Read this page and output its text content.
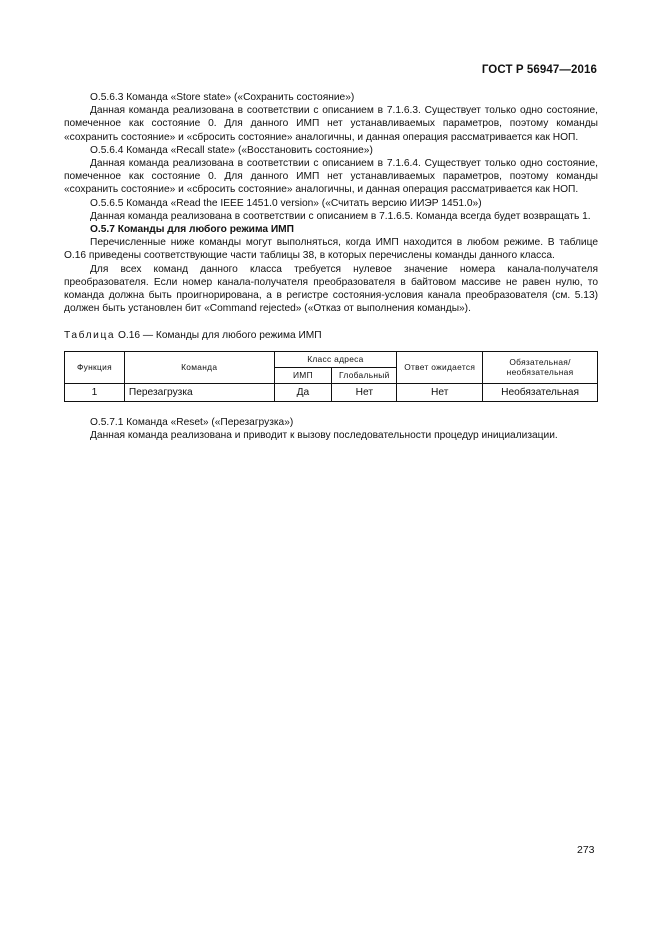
ГОСТ Р 56947—2016

О.5.6.3 Команда «Store state» («Сохранить состояние»)

Данная команда реализована в соответствии с описанием в 7.1.6.3. Существует только одно состояние, помеченное как состояние 0. Для данного ИМП нет устанавливаемых параметров, поэтому команды «сохранить состояние» и «сбросить состояние» аналогичны, и данная операция рассматривается как НОП.

О.5.6.4 Команда «Recall state» («Восстановить состояние»)

Данная команда реализована в соответствии с описанием в 7.1.6.4. Существует только одно состояние, помеченное как состояние 0. Для данного ИМП нет устанавливаемых параметров, поэтому команды «сохранить состояние» и «сбросить состояние» аналогичны, и данная операция рассматривается как НОП.

О.5.6.5 Команда «Read the IEEE 1451.0 version» («Считать версию ИИЭР 1451.0»)

Данная команда реализована в соответствии с описанием в 7.1.6.5. Команда всегда будет возвращать 1.

О.5.7 Команды для любого режима ИМП

Перечисленные ниже команды могут выполняться, когда ИМП находится в любом режиме. В таблице О.16 приведены соответствующие части таблицы 38, в которых перечислены команды данного класса.

Для всех команд данного класса требуется нулевое значение номера канала-получателя преобразователя. Если номер канала-получателя преобразователя в байтовом массиве не равен нулю, то команда должна быть проигнорирована, а в регистре состояния-условия канала преобразователя (см. 5.13) должен быть установлен бит «Command rejected» («Отказ от выполнения команды»).

Таблица О.16 — Команды для любого режима ИМП
Функция	Команда	Класс адреса		Ответ ожидается	Обязательная/ необязательная
		ИМП	Глобальный		
1	Перезагрузка	Да	Нет	Нет	Необязательная

О.5.7.1 Команда «Reset» («Перезагрузка»)

Данная команда реализована и приводит к вызову последовательности процедур инициализации.

273
